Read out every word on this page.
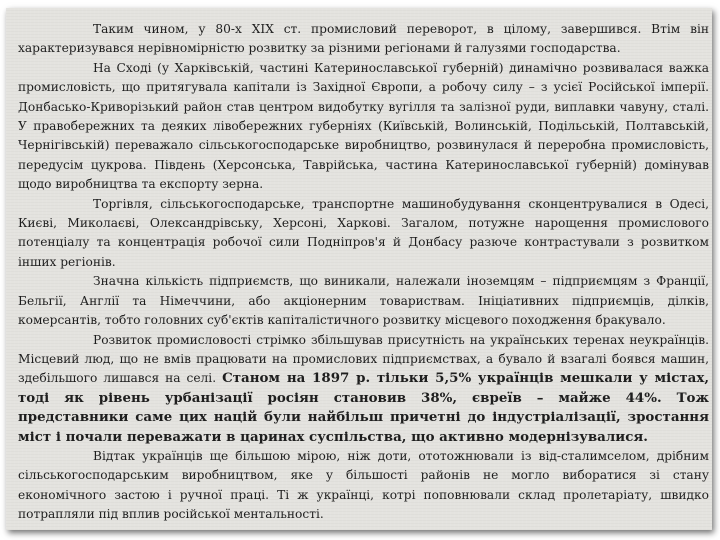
Таким чином, у 80-х XIX ст. промисловий переворот, в цілому, завершився. Втім він характеризувався нерівномірністю розвитку за різними регіонами й галузями господарства.

На Сході (у Харківській, частині Катеринославської губерній) динамічно розвивалася важка промисловість, що притягувала капітали із Західної Європи, а робочу силу – з усієї Російської імперії. Донбасько-Криворізький район став центром видобутку вугілля та залізної руди, виплавки чавуну, сталі. У правобережних та деяких лівобережних губерніях (Київській, Волинській, Подільській, Полтавській, Чернігівській) переважало сільськогосподарське виробництво, розвинулася й переробна промисловість, передусім цукрова. Південь (Херсонська, Таврійська, частина Катеринославської губерній) домінував щодо виробництва та експорту зерна.

Торгівля, сільськогосподарське, транспортне машинобудування сконцентрувалися в Одесі, Києві, Миколаєві, Олександрівську, Херсоні, Харкові. Загалом, потужне нарощення промислового потенціалу та концентрація робочої сили Подніпров'я й Донбасу разюче контрастували з розвитком інших регіонів.

Значна кількість підприємств, що виникали, належали іноземцям – підприємцям з Франції, Бельгії, Англії та Німеччини, або акціонерним товариствам. Ініціативних підприємців, ділків, комерсантів, тобто головних суб'єктів капіталістичного розвитку місцевого походження бракувало.

Розвиток промисловості стрімко збільшував присутність на українських теренах неукраїнців. Місцевий люд, що не вмів працювати на промислових підприємствах, а бувало й взагалі боявся машин, здебільшого лишався на селі. Станом на 1897 р. тільки 5,5% українців мешкали у містах, тоді як рівень урбанізації росіян становив 38%, євреїв – майже 44%. Тож представники саме цих націй були найбільш причетні до індустріалізації, зростання міст і почали переважати в царинах суспільства, що активно модернізувалися.

Відтак українців ще більшою мірою, ніж доти, ототожнювали із від-сталимселом, дрібним сільськогосподарським виробництвом, яке у більшості районів не могло вибoратися зі стану економічного застою і ручної праці. Ті ж українці, котрі поповнювали склад пролетаріату, швидко потрапляли під вплив російської ментальності.
